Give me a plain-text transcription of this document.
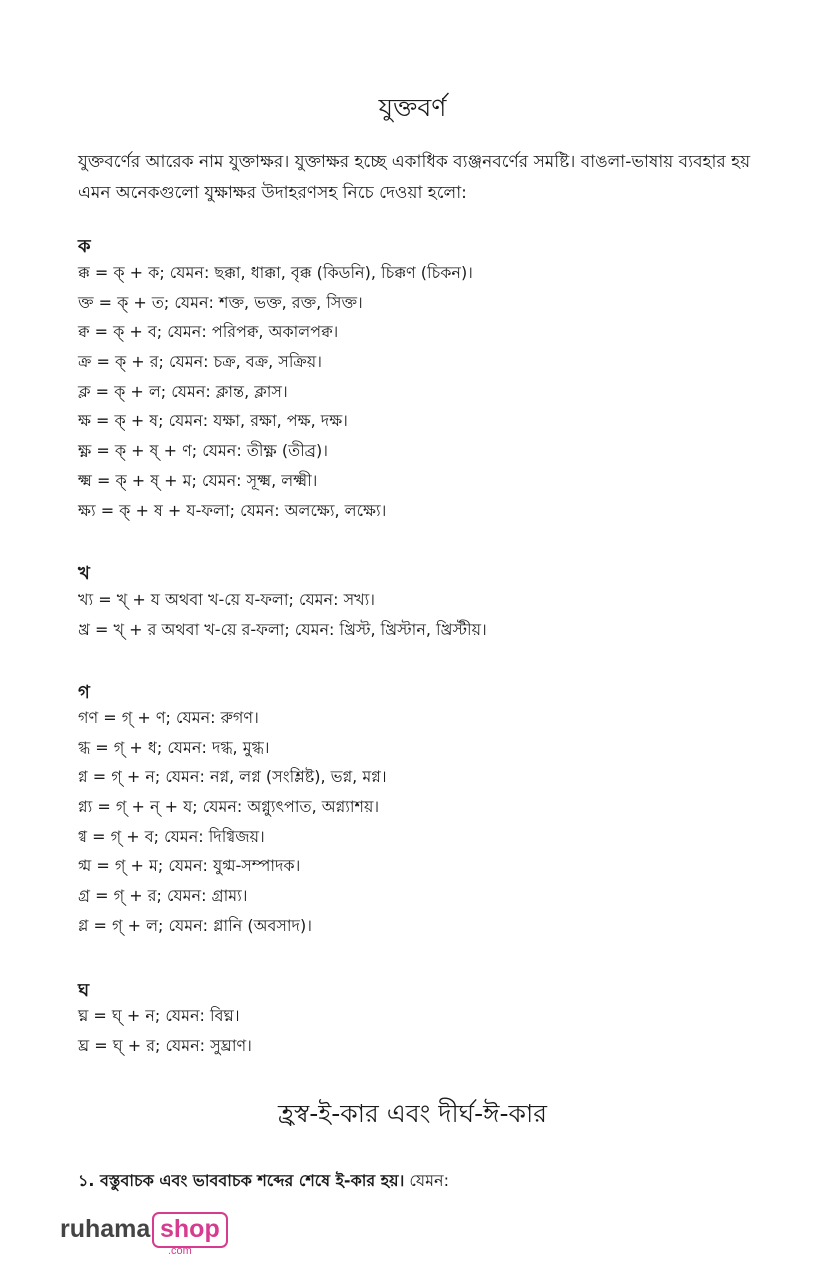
যুক্তবর্ণ
যুক্তবর্ণের আরেক নাম যুক্তাক্ষর। যুক্তাক্ষর হচ্ছে একাধিক ব্যঞ্জনবর্ণের সমষ্টি। বাঙলা-ভাষায় ব্যবহার হয় এমন অনেকগুলো যুক্ষাক্ষর উদাহরণসহ নিচে দেওয়া হলো:
ক
ক্ক = ক্ + ক; যেমন: ছক্কা, ধাক্কা, বৃক্ক (কিডনি), চিক্কণ (চিকন)।
ক্ত = ক্ + ত; যেমন: শক্ত, ভক্ত, রক্ত, সিক্ত।
ক্ব = ক্ + ব; যেমন: পরিপক্ব, অকালপক্ব।
ক্র = ক্ + র; যেমন: চক্র, বক্র, সক্রিয়।
ক্ল = ক্ + ল; যেমন: ক্লান্ত, ক্লাস।
ক্ষ = ক্ + ষ; যেমন: যক্ষা, রক্ষা, পক্ষ, দক্ষ।
ক্ষ্ণ = ক্ + ষ্ + ণ; যেমন: তীক্ষ্ণ (তীব্র)।
ক্ষ্ম = ক্ + ষ্ + ম; যেমন: সূক্ষ্ম, লক্ষ্মী।
ক্ষ্য = ক্ + ষ + য-ফলা; যেমন: অলক্ষ্যে, লক্ষ্যে।
খ
খ্য = খ্ + য অথবা খ-য়ে য-ফলা; যেমন: সখ্য।
খ্র = খ্ + র অথবা খ-য়ে র-ফলা; যেমন: খ্রিস্ট, খ্রিস্টান, খ্রিস্টীয়।
গ
গণ = গ্ + ণ; যেমন: রুগণ।
গ্ধ = গ্ + ধ; যেমন: দগ্ধ, মুগ্ধ।
গ্ন = গ্ + ন; যেমন: নগ্ন, লগ্ন (সংশ্লিষ্ট), ভগ্ন, মগ্ন।
গ্ন্য = গ্ + ন্ + য; যেমন: অগ্ন্যুৎপাত, অগ্ন্যাশয়।
গ্ব = গ্ + ব; যেমন: দিগ্বিজয়।
গ্ম = গ্ + ম; যেমন: যুগ্ম-সম্পাদক।
গ্র = গ্ + র; যেমন: গ্রাম্য।
গ্ল = গ্ + ল; যেমন: গ্লানি (অবসাদ)।
ঘ
ঘ্ন = ঘ্ + ন; যেমন: বিঘ্ন।
ঘ্র = ঘ্ + র; যেমন: সুঘ্রাণ।
হ্রস্ব-ই-কার এবং দীর্ঘ-ঈ-কার
১. বস্তুবাচক এবং ভাববাচক শব্দের শেষে ই-কার হয়। যেমন:
ruhama shop
.com
